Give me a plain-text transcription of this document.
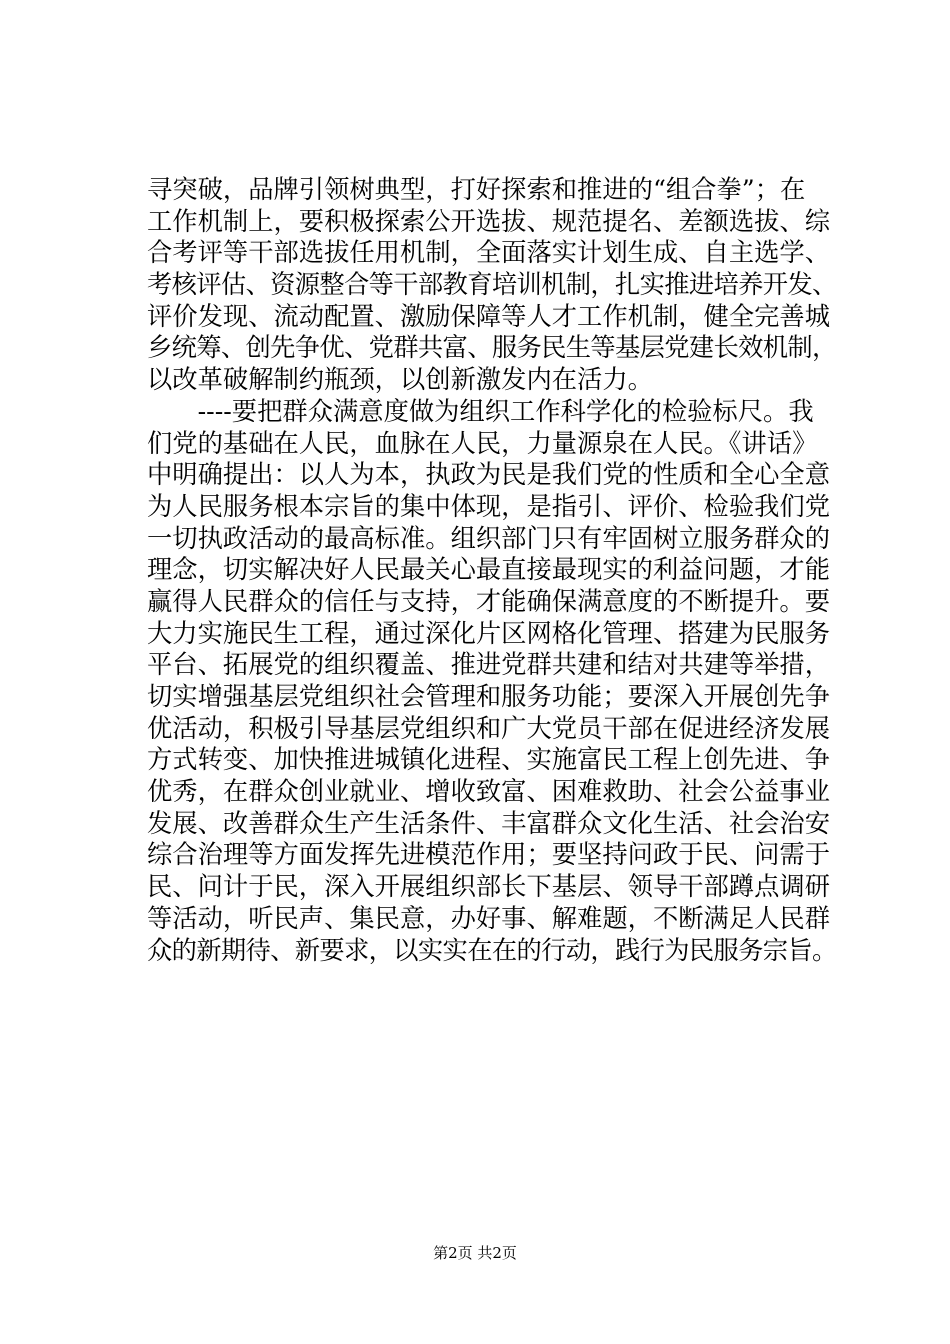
寻突破，品牌引领树典型，打好探索和推进的“组合拳”；在
工作机制上，要积极探索公开选拔、规范提名、差额选拔、综
合考评等干部选拔任用机制，全面落实计划生成、自主选学、
考核评估、资源整合等干部教育培训机制，扎实推进培养开发、
评价发现、流动配置、激励保障等人才工作机制，健全完善城
乡统筹、创先争优、党群共富、服务民生等基层党建长效机制，
以改革破解制约瓶颈，以创新激发内在活力。
　　----要把群众满意度做为组织工作科学化的检验标尺。我
们党的基础在人民，血脉在人民，力量源泉在人民。《讲话》
中明确提出：以人为本，执政为民是我们党的性质和全心全意
为人民服务根本宗旨的集中体现，是指引、评价、检验我们党
一切执政活动的最高标准。组织部门只有牢固树立服务群众的
理念，切实解决好人民最关心最直接最现实的利益问题，才能
赢得人民群众的信任与支持，才能确保满意度的不断提升。要
大力实施民生工程，通过深化片区网格化管理、搭建为民服务
平台、拓展党的组织覆盖、推进党群共建和结对共建等举措，
切实增强基层党组织社会管理和服务功能；要深入开展创先争
优活动，积极引导基层党组织和广大党员干部在促进经济发展
方式转变、加快推进城镇化进程、实施富民工程上创先进、争
优秀，在群众创业就业、增收致富、困难救助、社会公益事业
发展、改善群众生产生活条件、丰富群众文化生活、社会治安
综合治理等方面发挥先进模范作用；要坚持问政于民、问需于
民、问计于民，深入开展组织部长下基层、领导干部蹲点调研
等活动，听民声、集民意，办好事、解难题，不断满足人民群
众的新期待、新要求，以实实在在的行动，践行为民服务宗旨。
第2页 共2页
